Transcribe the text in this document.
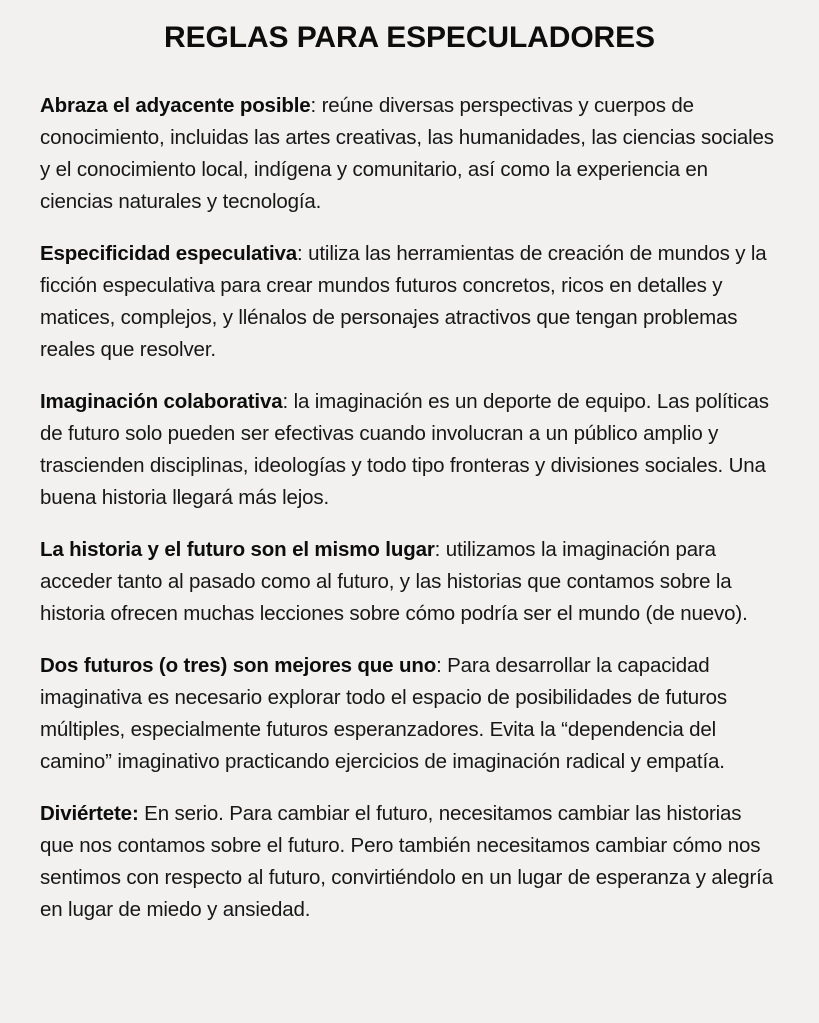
REGLAS PARA ESPECULADORES

Abraza el adyacente posible: reúne diversas perspectivas y cuerpos de conocimiento, incluidas las artes creativas, las humanidades, las ciencias sociales y el conocimiento local, indígena y comunitario, así como la experiencia en ciencias naturales y tecnología.

Especificidad especulativa: utiliza las herramientas de creación de mundos y la ficción especulativa para crear mundos futuros concretos, ricos en detalles y matices, complejos, y llénalos de personajes atractivos que tengan problemas reales que resolver.

Imaginación colaborativa: la imaginación es un deporte de equipo. Las políticas de futuro solo pueden ser efectivas cuando involucran a un público amplio y trascienden disciplinas, ideologías y todo tipo fronteras y divisiones sociales. Una buena historia llegará más lejos.

La historia y el futuro son el mismo lugar: utilizamos la imaginación para acceder tanto al pasado como al futuro, y las historias que contamos sobre la historia ofrecen muchas lecciones sobre cómo podría ser el mundo (de nuevo).

Dos futuros (o tres) son mejores que uno: Para desarrollar la capacidad imaginativa es necesario explorar todo el espacio de posibilidades de futuros múltiples, especialmente futuros esperanzadores. Evita la “dependencia del camino” imaginativo practicando ejercicios de imaginación radical y empatía.

Diviértete: En serio. Para cambiar el futuro, necesitamos cambiar las historias que nos contamos sobre el futuro. Pero también necesitamos cambiar cómo nos sentimos con respecto al futuro, convirtiéndolo en un lugar de esperanza y alegría en lugar de miedo y ansiedad.
